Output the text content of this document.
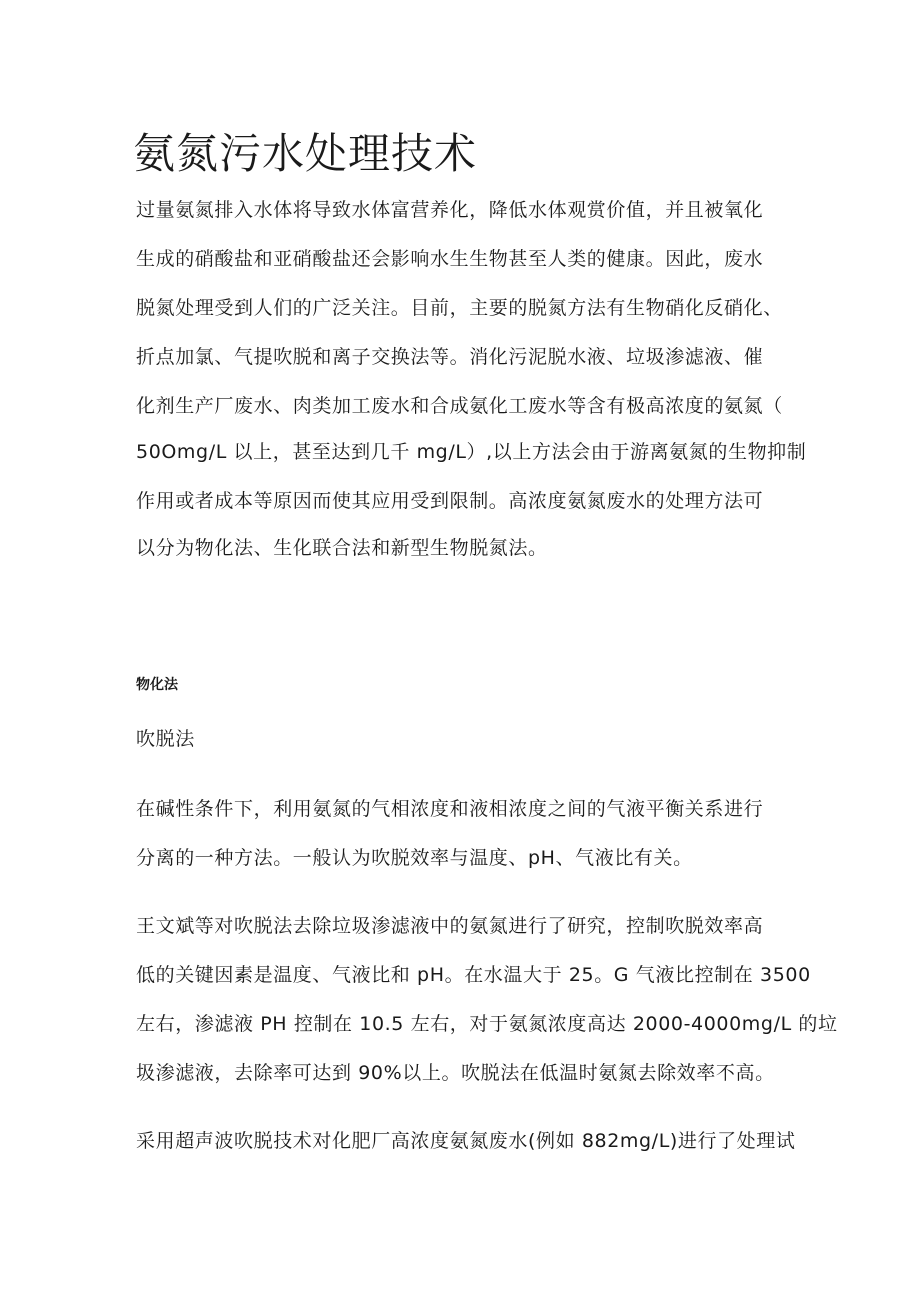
氨氮污水处理技术

过量氨氮排入水体将导致水体富营养化，降低水体观赏价值，并且被氧化

生成的硝酸盐和亚硝酸盐还会影响水生生物甚至人类的健康。因此，废水

脱氮处理受到人们的广泛关注。目前，主要的脱氮方法有生物硝化反硝化、

折点加氯、气提吹脱和离子交换法等。消化污泥脱水液、垃圾渗滤液、催

化剂生产厂废水、肉类加工废水和合成氨化工废水等含有极高浓度的氨氮（

50Omg/L 以上，甚至达到几千 mg/L）,以上方法会由于游离氨氮的生物抑制

作用或者成本等原因而使其应用受到限制。高浓度氨氮废水的处理方法可

以分为物化法、生化联合法和新型生物脱氮法。

物化法

吹脱法

在碱性条件下，利用氨氮的气相浓度和液相浓度之间的气液平衡关系进行

分离的一种方法。一般认为吹脱效率与温度、pH、气液比有关。

王文斌等对吹脱法去除垃圾渗滤液中的氨氮进行了研究，控制吹脱效率高

低的关键因素是温度、气液比和 pH。在水温大于 25。G 气液比控制在 3500

左右，渗滤液 PH 控制在 10.5 左右，对于氨氮浓度高达 2000-4000mg/L 的垃

圾渗滤液，去除率可达到 90%以上。吹脱法在低温时氨氮去除效率不高。

采用超声波吹脱技术对化肥厂高浓度氨氮废水(例如 882mg/L)进行了处理试
